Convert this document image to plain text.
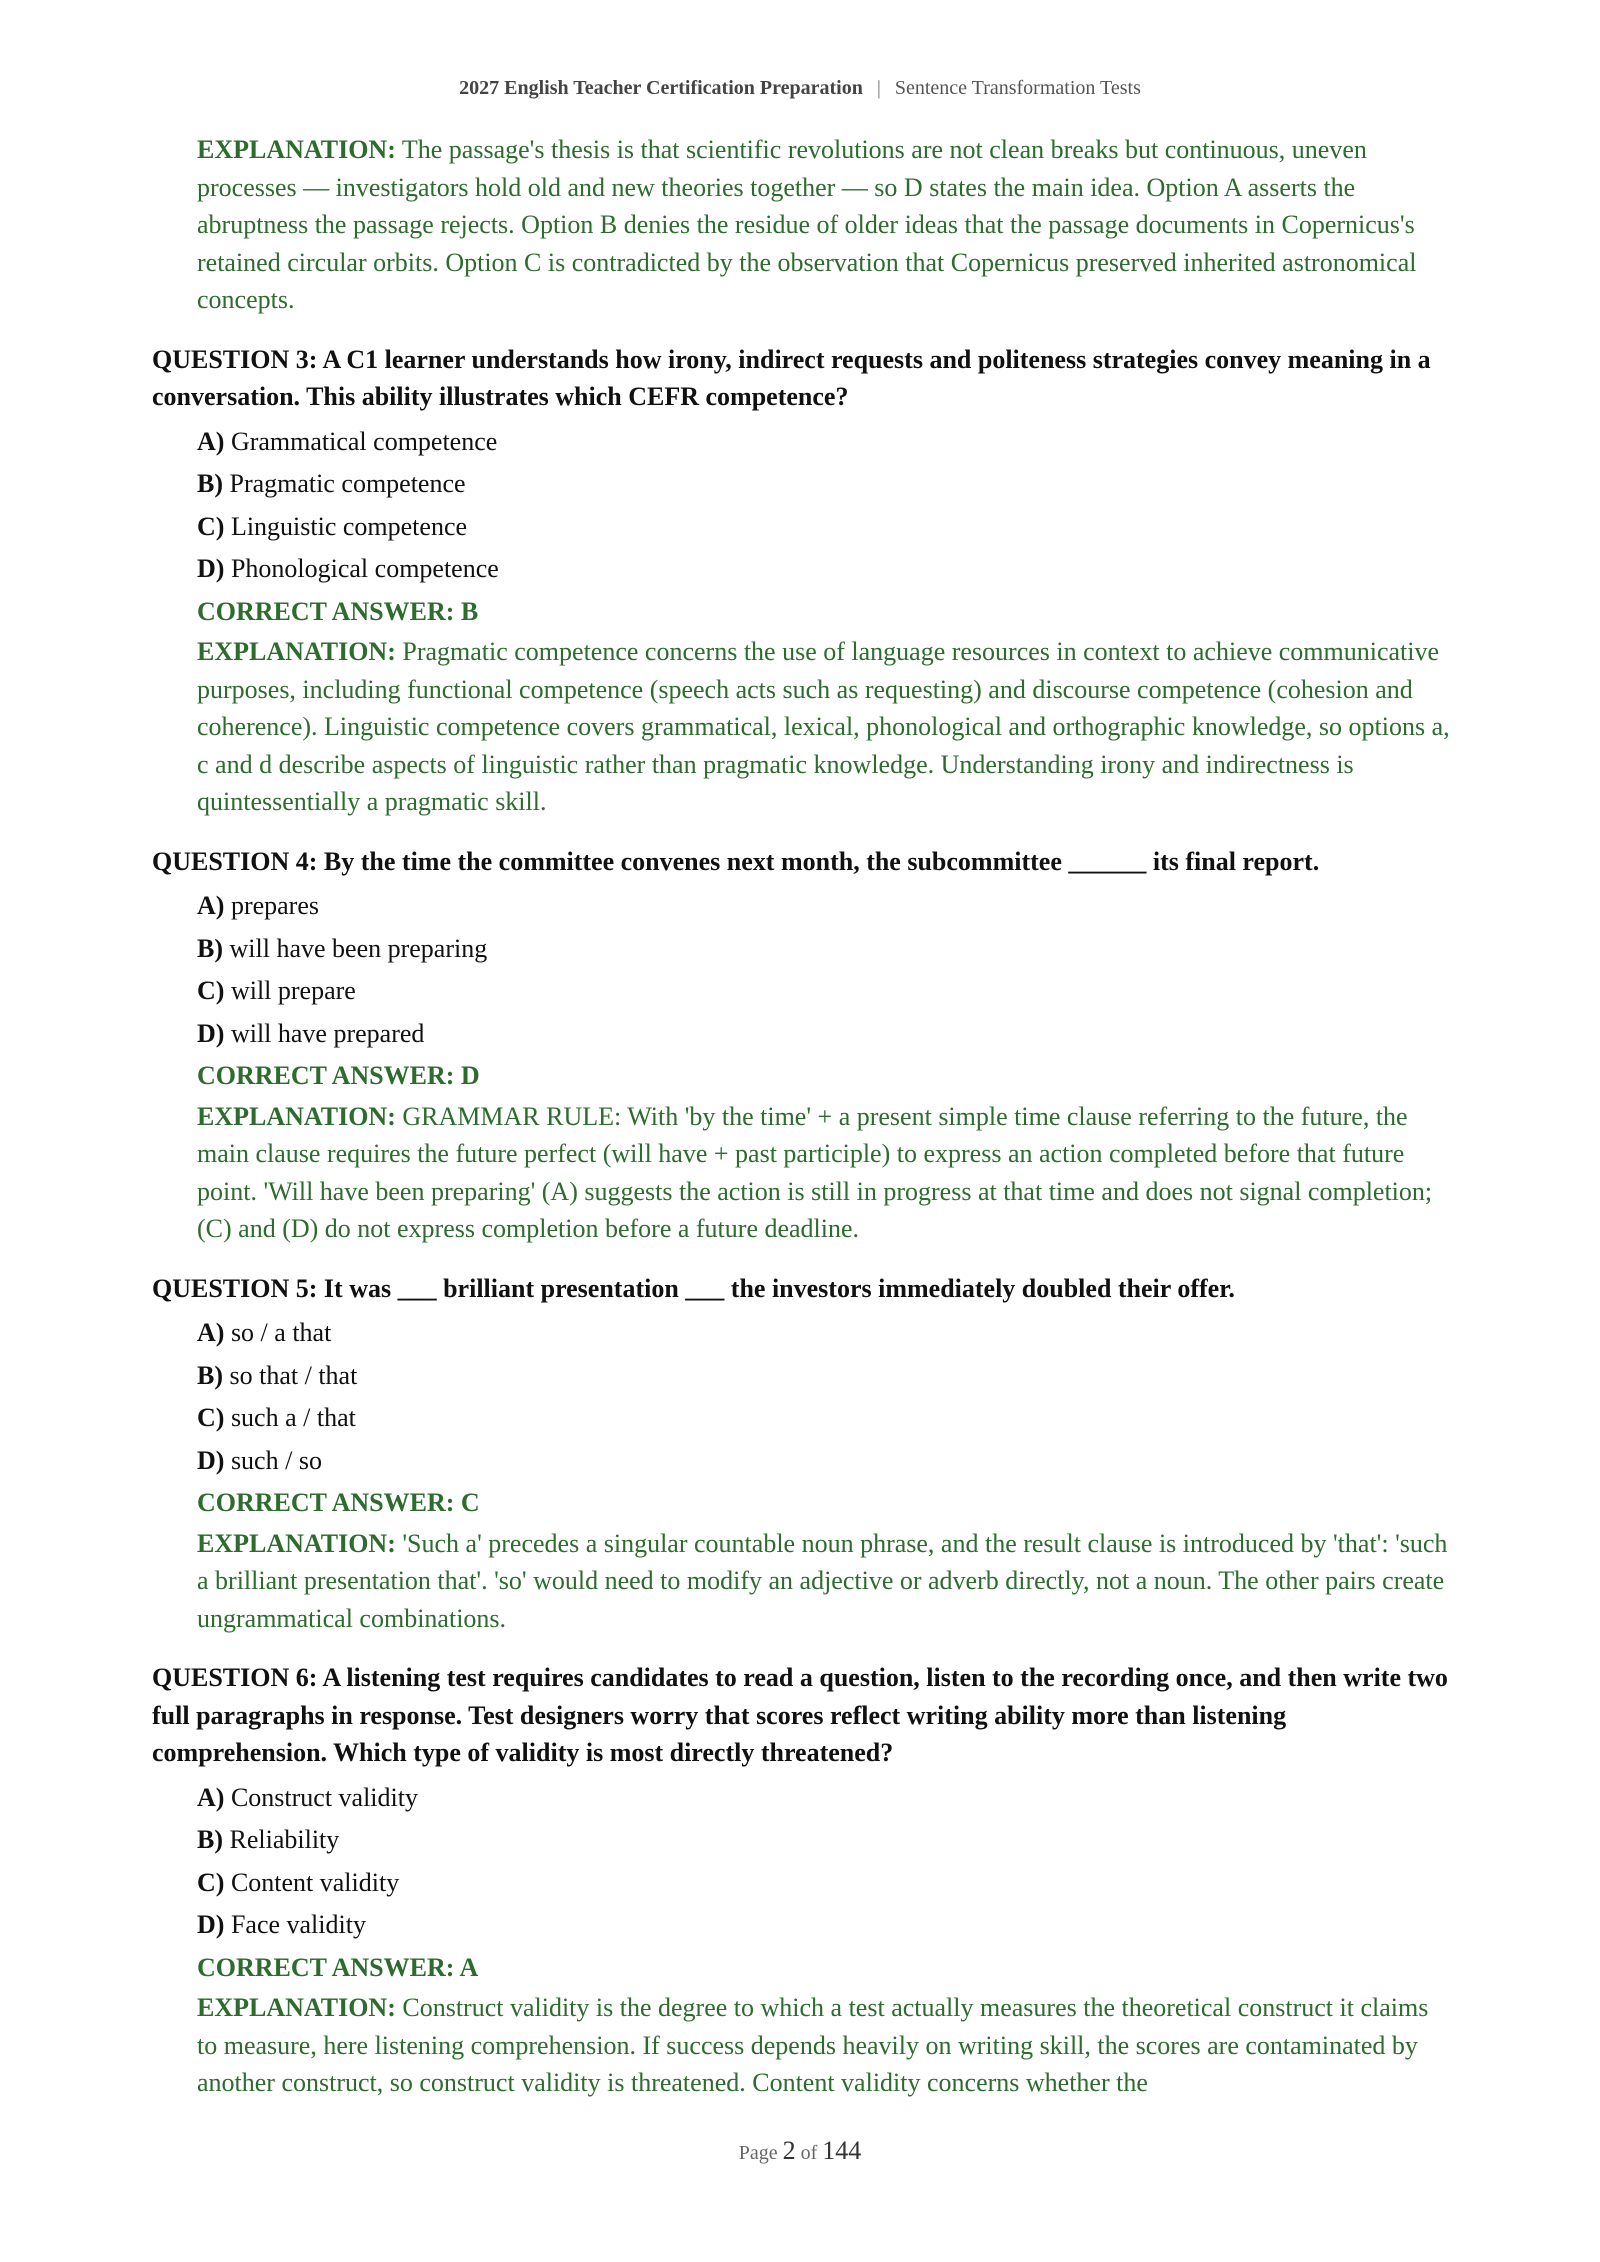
2027 English Teacher Certification Preparation | Sentence Transformation Tests
EXPLANATION: The passage's thesis is that scientific revolutions are not clean breaks but continuous, uneven processes — investigators hold old and new theories together — so D states the main idea. Option A asserts the abruptness the passage rejects. Option B denies the residue of older ideas that the passage documents in Copernicus's retained circular orbits. Option C is contradicted by the observation that Copernicus preserved inherited astronomical concepts.
QUESTION 3: A C1 learner understands how irony, indirect requests and politeness strategies convey meaning in a conversation. This ability illustrates which CEFR competence?
A) Grammatical competence
B) Pragmatic competence
C) Linguistic competence
D) Phonological competence
CORRECT ANSWER: B
EXPLANATION: Pragmatic competence concerns the use of language resources in context to achieve communicative purposes, including functional competence (speech acts such as requesting) and discourse competence (cohesion and coherence). Linguistic competence covers grammatical, lexical, phonological and orthographic knowledge, so options a, c and d describe aspects of linguistic rather than pragmatic knowledge. Understanding irony and indirectness is quintessentially a pragmatic skill.
QUESTION 4: By the time the committee convenes next month, the subcommittee ______ its final report.
A) prepares
B) will have been preparing
C) will prepare
D) will have prepared
CORRECT ANSWER: D
EXPLANATION: GRAMMAR RULE: With 'by the time' + a present simple time clause referring to the future, the main clause requires the future perfect (will have + past participle) to express an action completed before that future point. 'Will have been preparing' (A) suggests the action is still in progress at that time and does not signal completion; (C) and (D) do not express completion before a future deadline.
QUESTION 5: It was ___ brilliant presentation ___ the investors immediately doubled their offer.
A) so / a that
B) so that / that
C) such a / that
D) such / so
CORRECT ANSWER: C
EXPLANATION: 'Such a' precedes a singular countable noun phrase, and the result clause is introduced by 'that': 'such a brilliant presentation that'. 'so' would need to modify an adjective or adverb directly, not a noun. The other pairs create ungrammatical combinations.
QUESTION 6: A listening test requires candidates to read a question, listen to the recording once, and then write two full paragraphs in response. Test designers worry that scores reflect writing ability more than listening comprehension. Which type of validity is most directly threatened?
A) Construct validity
B) Reliability
C) Content validity
D) Face validity
CORRECT ANSWER: A
EXPLANATION: Construct validity is the degree to which a test actually measures the theoretical construct it claims to measure, here listening comprehension. If success depends heavily on writing skill, the scores are contaminated by another construct, so construct validity is threatened. Content validity concerns whether the
Page 2 of 144
